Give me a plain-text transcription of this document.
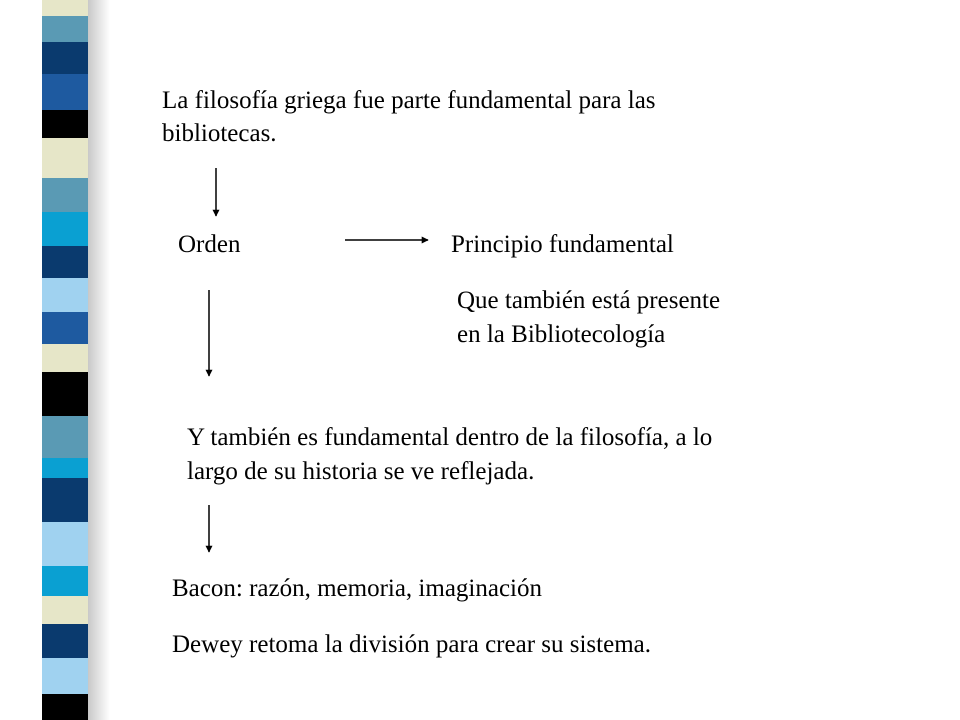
La filosofía griega fue parte fundamental para las

bibliotecas.

Orden	Principio fundamental

Que también está presente

en la Bibliotecología

Y también es fundamental dentro de la filosofía, a lo

largo de su historia se ve reflejada.

Bacon: razón, memoria, imaginación

Dewey retoma la división para crear su sistema.
